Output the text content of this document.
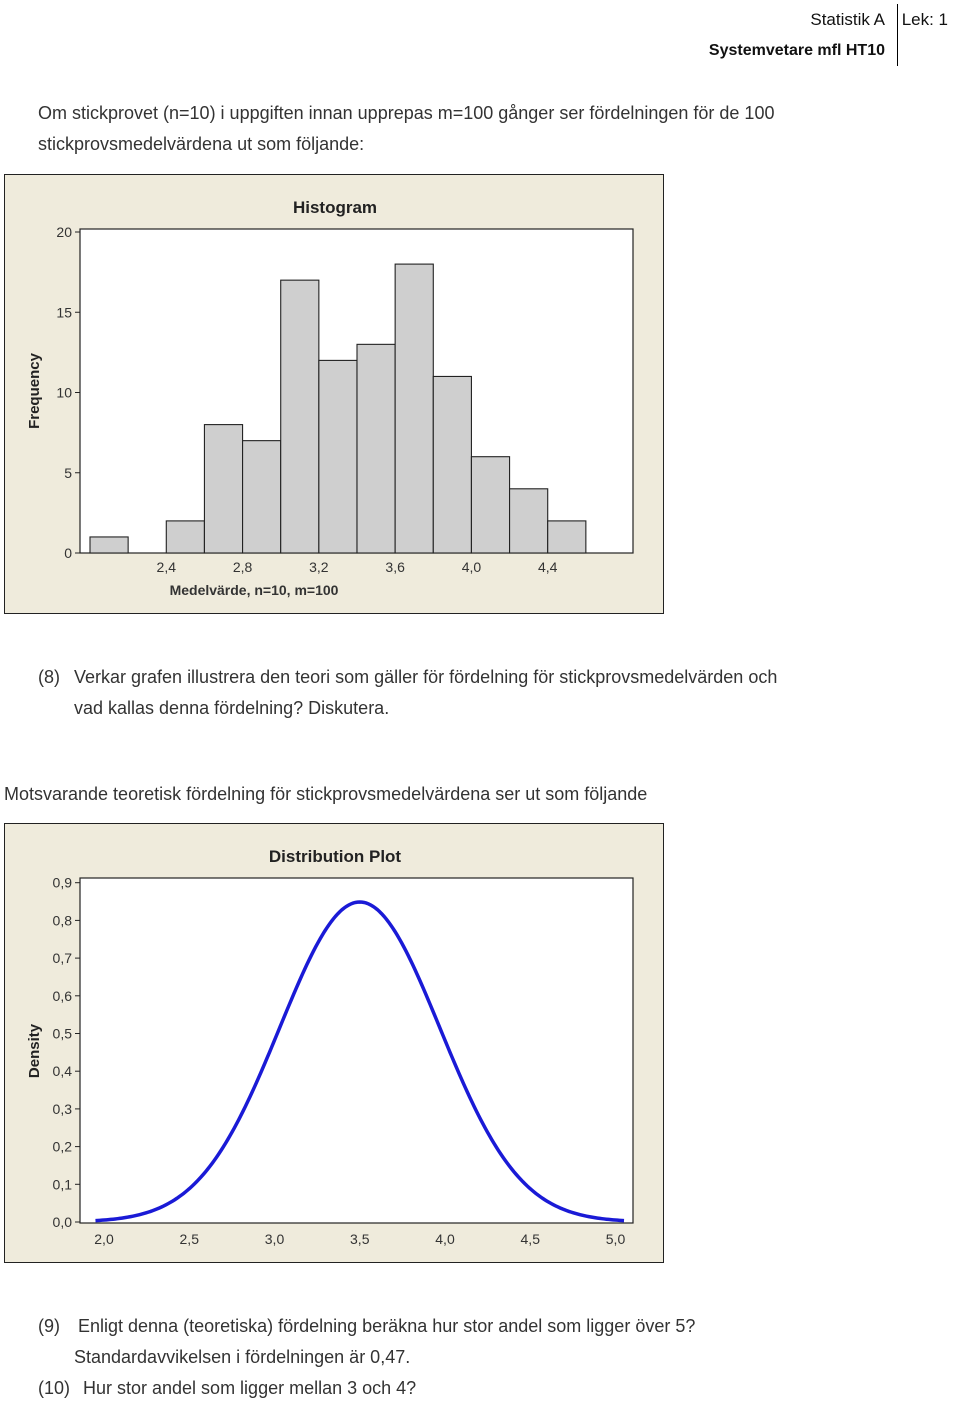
Statistik A Lek: 1
Systemvetare mfl HT10
Om stickprovet (n=10) i uppgiften innan upprepas m=100 gånger ser fördelningen för de 100
stickprovsmedelvärdena ut som följande:
0
5
10
15
20
2,4	2,8	3,2	3,6	4,0	4,4
Histogram
Medelvärde, n=10, m=100
Frequency
(8) Verkar grafen illustrera den teori som gäller för fördelning för stickprovsmedelvärden och
vad kallas denna fördelning? Diskutera.
Motsvarande teoretisk fördelning för stickprovsmedelvärdena ser ut som följande
0,0
0,1
0,2
0,3
0,4
0,5
0,6
0,7
0,8
0,9
2,0	2,5	3,0	3,5	4,0	4,5	5,0
Distribution Plot
Density
(9) Enligt denna (teoretiska) fördelning beräkna hur stor andel som ligger över 5?
Standardavvikelsen i fördelningen är 0,47.
(10) Hur stor andel som ligger mellan 3 och 4?
